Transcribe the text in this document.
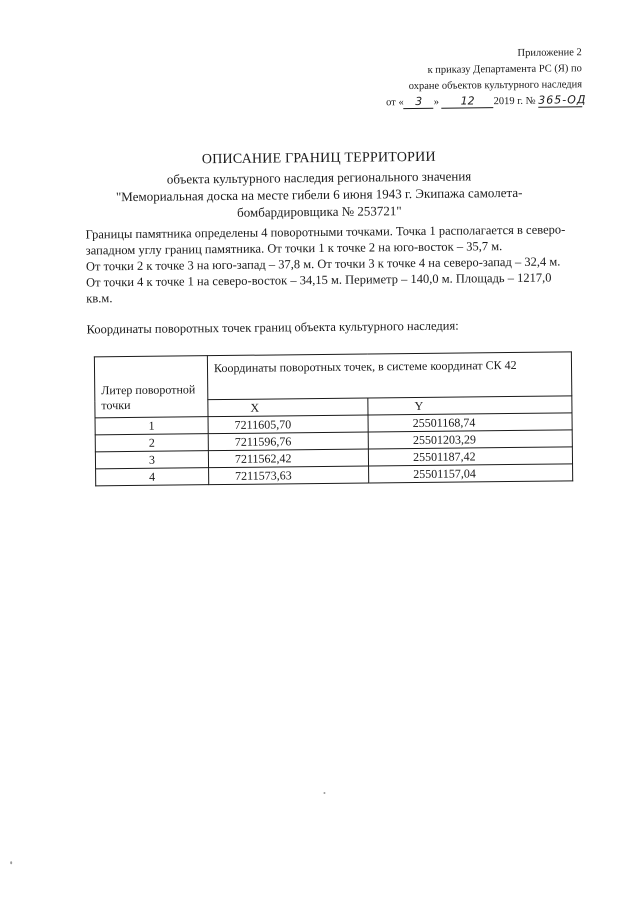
Приложение 2
к приказу Департамента РС (Я) по
охране объектов культурного наследия
от « 3 » 12 2019 г. № 365-ОД
ОПИСАНИЕ ГРАНИЦ ТЕРРИТОРИИ
объекта культурного наследия регионального значения
"Мемориальная доска на месте гибели 6 июня 1943 г. Экипажа самолета-
бомбардировщика № 253721"
Границы памятника определены 4 поворотными точками. Точка 1 располагается в северо-
западном углу границ памятника. От точки 1 к точке 2 на юго-восток – 35,7 м.
От точки 2 к точке 3 на юго-запад – 37,8 м. От точки 3 к точке 4 на северо-запад – 32,4 м.
От точки 4 к точке 1 на северо-восток – 34,15 м. Периметр – 140,0 м. Площадь – 1217,0
кв.м.
Координаты поворотных точек границ объекта культурного наследия:
Литер поворотной точки	Координаты поворотных точек, в системе координат СК 42	
	X	Y
1	7211605,70	25501168,74
2	7211596,76	25501203,29
3	7211562,42	25501187,42
4	7211573,63	25501157,04
